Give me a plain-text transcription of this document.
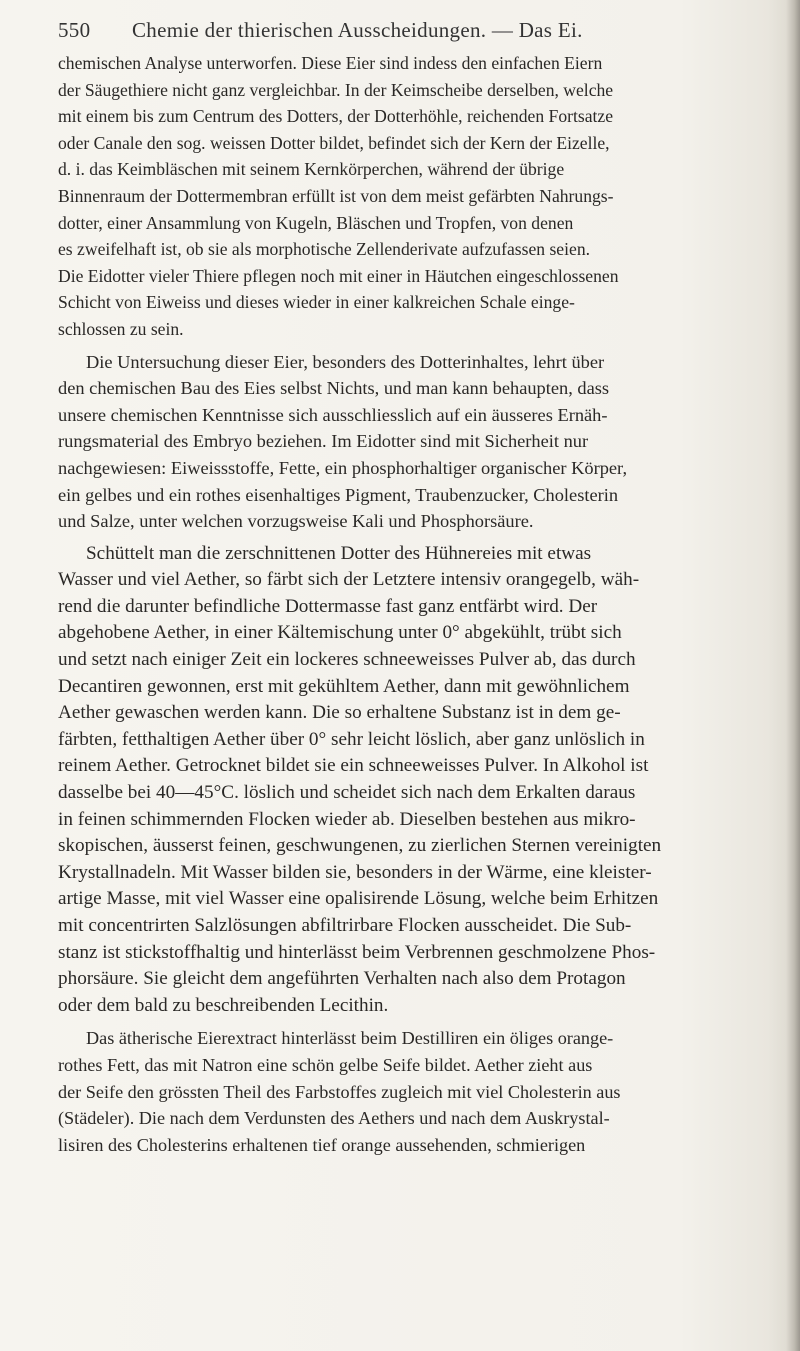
550 Chemie der thierischen Ausscheidungen. — Das Ei.
chemischen Analyse unterworfen. Diese Eier sind indess den einfachen Eiern
der Säugethiere nicht ganz vergleichbar. In der Keimscheibe derselben, welche
mit einem bis zum Centrum des Dotters, der Dotterhöhle, reichenden Fortsatze
oder Canale den sog. weissen Dotter bildet, befindet sich der Kern der Eizelle,
d. i. das Keimbläschen mit seinem Kernkörperchen, während der übrige
Binnenraum der Dottermembran erfüllt ist von dem meist gefärbten Nahrungs-
dotter, einer Ansammlung von Kugeln, Bläschen und Tropfen, von denen
es zweifelhaft ist, ob sie als morphotische Zellenderivate aufzufassen seien.
Die Eidotter vieler Thiere pflegen noch mit einer in Häutchen eingeschlossenen
Schicht von Eiweiss und dieses wieder in einer kalkreichen Schale einge-
schlossen zu sein.
Die Untersuchung dieser Eier, besonders des Dotterinhaltes, lehrt über
den chemischen Bau des Eies selbst Nichts, und man kann behaupten, dass
unsere chemischen Kenntnisse sich ausschliesslich auf ein äusseres Ernäh-
rungsmaterial des Embryo beziehen. Im Eidotter sind mit Sicherheit nur
nachgewiesen: Eiweissstoffe, Fette, ein phosphorhaltiger organischer Körper,
ein gelbes und ein rothes eisenhaltiges Pigment, Traubenzucker, Cholesterin
und Salze, unter welchen vorzugsweise Kali und Phosphorsäure.
Schüttelt man die zerschnittenen Dotter des Hühnereies mit etwas
Wasser und viel Aether, so färbt sich der Letztere intensiv orangegelb, wäh-
rend die darunter befindliche Dottermasse fast ganz entfärbt wird. Der
abgehobene Aether, in einer Kältemischung unter 0° abgekühlt, trübt sich
und setzt nach einiger Zeit ein lockeres schneeweisses Pulver ab, das durch
Decantiren gewonnen, erst mit gekühltem Aether, dann mit gewöhnlichem
Aether gewaschen werden kann. Die so erhaltene Substanz ist in dem ge-
färbten, fetthaltigen Aether über 0° sehr leicht löslich, aber ganz unlöslich in
reinem Aether. Getrocknet bildet sie ein schneeweisses Pulver. In Alkohol ist
dasselbe bei 40—45°C. löslich und scheidet sich nach dem Erkalten daraus
in feinen schimmernden Flocken wieder ab. Dieselben bestehen aus mikro-
skopischen, äusserst feinen, geschwungenen, zu zierlichen Sternen vereinigten
Krystallnadeln. Mit Wasser bilden sie, besonders in der Wärme, eine kleister-
artige Masse, mit viel Wasser eine opalisirende Lösung, welche beim Erhitzen
mit concentrirten Salzlösungen abfiltrirbare Flocken ausscheidet. Die Sub-
stanz ist stickstoffhaltig und hinterlässt beim Verbrennen geschmolzene Phos-
phorsäure. Sie gleicht dem angeführten Verhalten nach also dem Protagon
oder dem bald zu beschreibenden Lecithin.
Das ätherische Eierextract hinterlässt beim Destilliren ein öliges orange-
rothes Fett, das mit Natron eine schön gelbe Seife bildet. Aether zieht aus
der Seife den grössten Theil des Farbstoffes zugleich mit viel Cholesterin aus
(Städeler). Die nach dem Verdunsten des Aethers und nach dem Auskrystal-
lisiren des Cholesterins erhaltenen tief orange aussehenden, schmierigen
